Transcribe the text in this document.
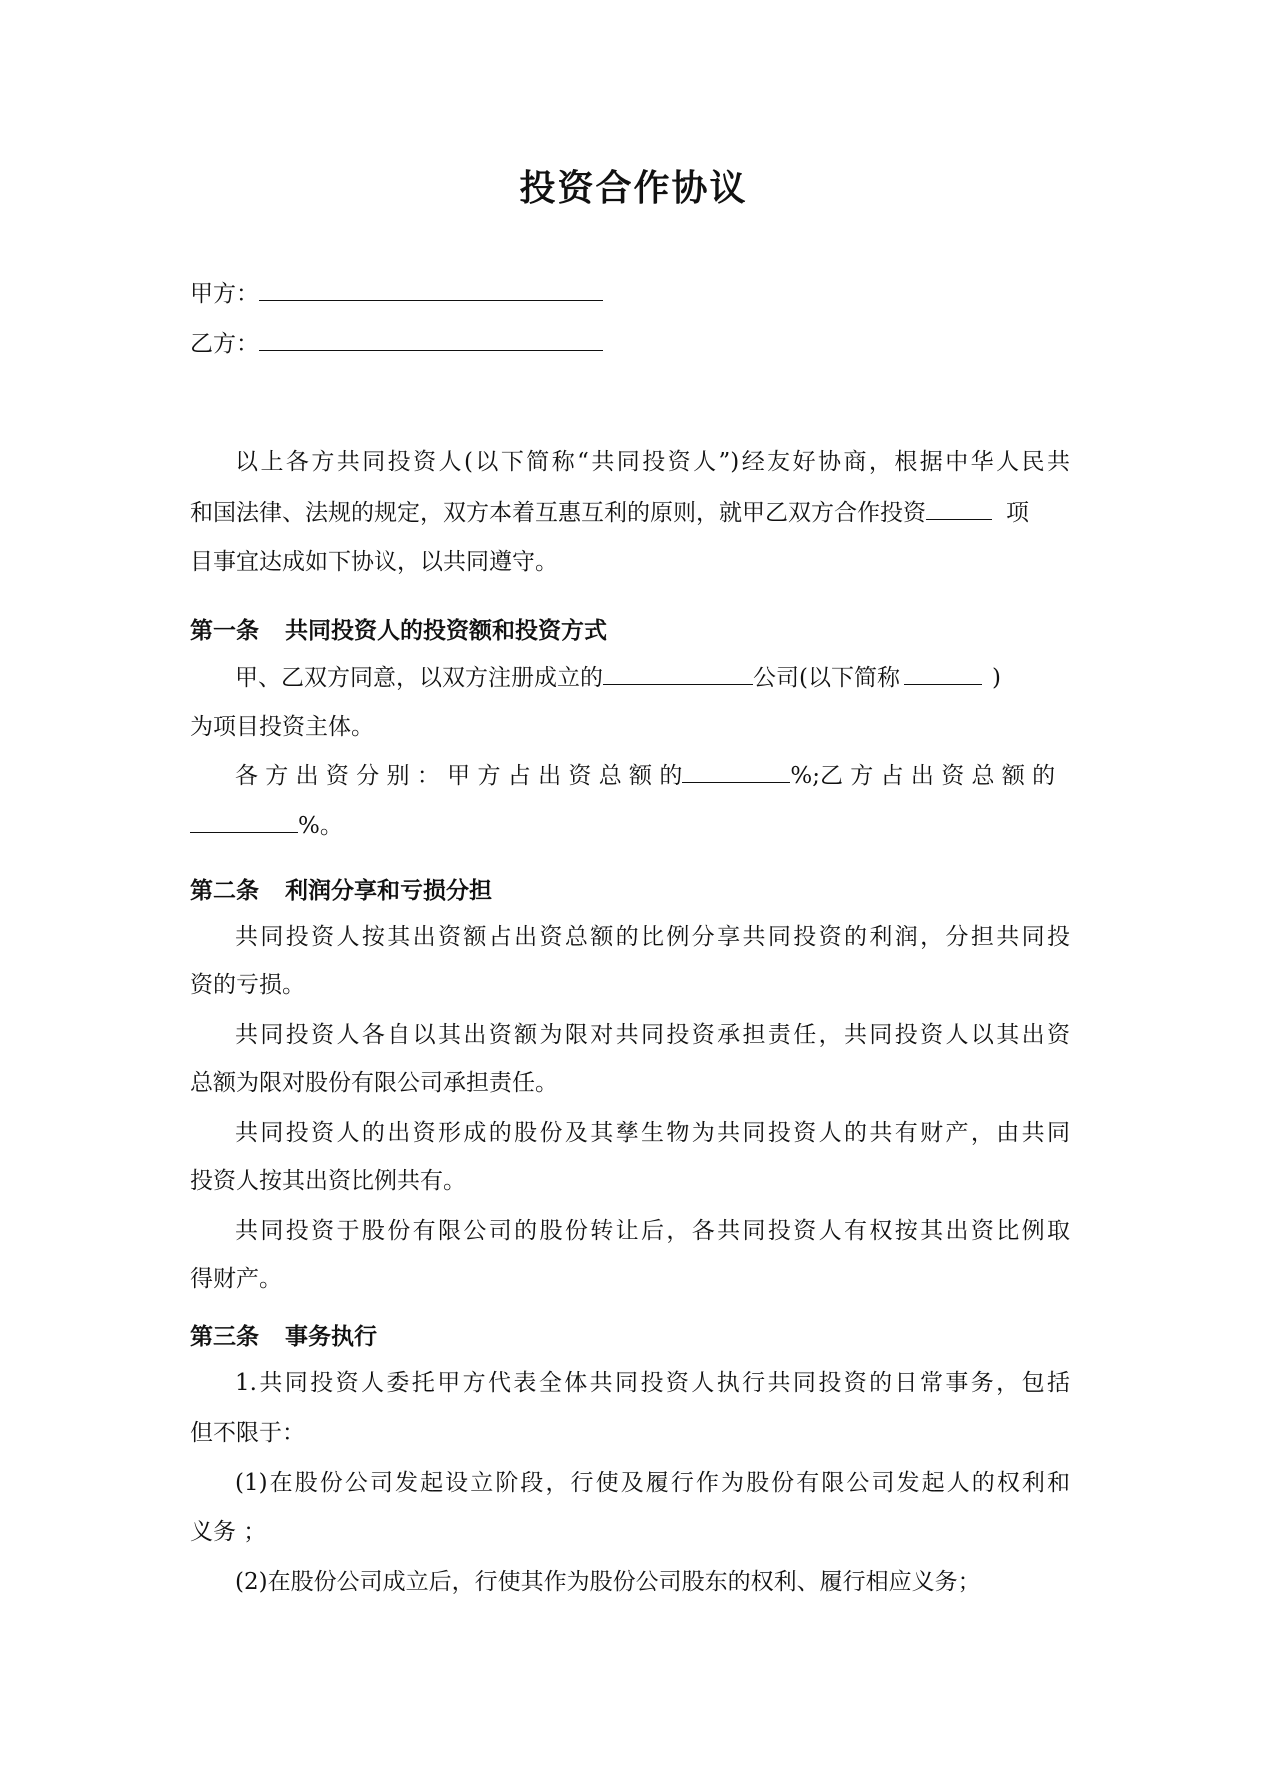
投资合作协议
甲方：
乙方：
以上各方共同投资人(以下简称“共同投资人”)经友好协商，根据中华人民共
和国法律、法规的规定，双方本着互惠互利的原则，就甲乙双方合作投资	项
目事宜达成如下协议，以共同遵守。
第一条 共同投资人的投资额和投资方式
甲、乙双方同意，以双方注册成立的	公司(以下简称	)
为项目投资主体。
各 方 出 资 分 别 ： 甲 方 占 出 资 总 额 的	%;乙 方 占 出 资 总 额 的
%。
第二条 利润分享和亏损分担
共同投资人按其出资额占出资总额的比例分享共同投资的利润，分担共同投
资的亏损。
共同投资人各自以其出资额为限对共同投资承担责任，共同投资人以其出资
总额为限对股份有限公司承担责任。
共同投资人的出资形成的股份及其孳生物为共同投资人的共有财产，由共同
投资人按其出资比例共有。
共同投资于股份有限公司的股份转让后，各共同投资人有权按其出资比例取
得财产。
第三条 事务执行
1.共同投资人委托甲方代表全体共同投资人执行共同投资的日常事务，包括
但不限于：
(1)在股份公司发起设立阶段，行使及履行作为股份有限公司发起人的权利和
义务 ；
(2)在股份公司成立后，行使其作为股份公司股东的权利、履行相应义务；
